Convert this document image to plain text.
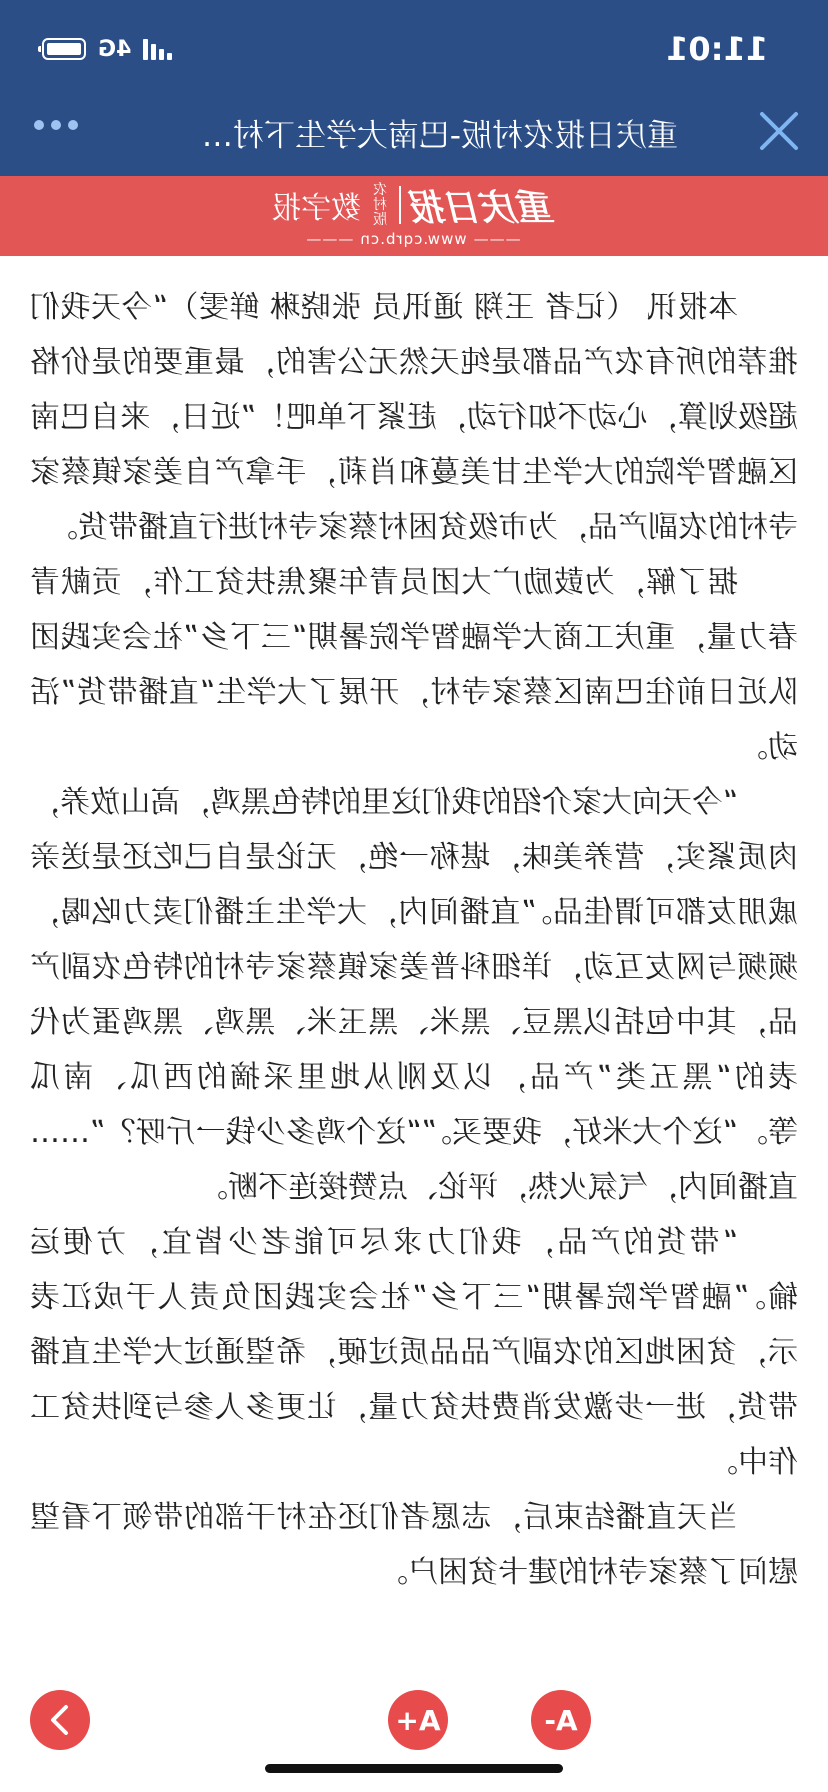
11:01
4G
重庆日报农村版-巴南大学生下村…
重庆日报
农村版
数字报
——— www.cqrb.cn ———

本报讯 （记者 王翔 通讯员 张晓琳 鲜雯）“今天我们推荐的所有农产品都是纯天然无公害的，最重要的是价格超级划算，心动不如行动，赶紧下单吧！”近日，来自巴南区融智学院的大学生甘美蔓和肖莉，手拿产自姜家镇蔡家寺村的农副产品，为市级贫困村蔡家寺村进行直播带货。

据了解，为鼓励广大团员青年聚焦扶贫工作，贡献青春力量，重庆工商大学融智学院暑期“三下乡”社会实践团队近日前往巴南区蔡家寺村，开展了大学生“直播带货”活动。

“今天向大家介绍的我们这里的特色黑鸡，高山放养，肉质紧实，营养美味，堪称一绝，无论是自己吃还是送亲戚朋友都可谓佳品。”直播间内，大学生主播们卖力吆喝，频频与网友互动，详细科普姜家镇蔡家寺村的特色农副产品，其中包括以黑豆、黑米、黑玉米、黑鸡、黑鸡蛋为代表的“黑五类”产品，以及刚从地里采摘的西瓜、南瓜等。“这个大米好，我要买。”“这个鸡多少钱一斤呀？”……直播间内，气氛火热，评论、点赞接连不断。

“带货的产品，我们力求尽可能老少皆宜，方便运输。”融智学院暑期“三下乡”社会实践团负责人于成江表示，贫困地区的农副产品品质过硬，希望通过大学生直播带货，进一步激发消费扶贫力量，让更多人参与到扶贫工作中。

当天直播结束后，志愿者们还在村干部的带领下看望慰问了蔡家寺村的建卡贫困户。

A-
A+
